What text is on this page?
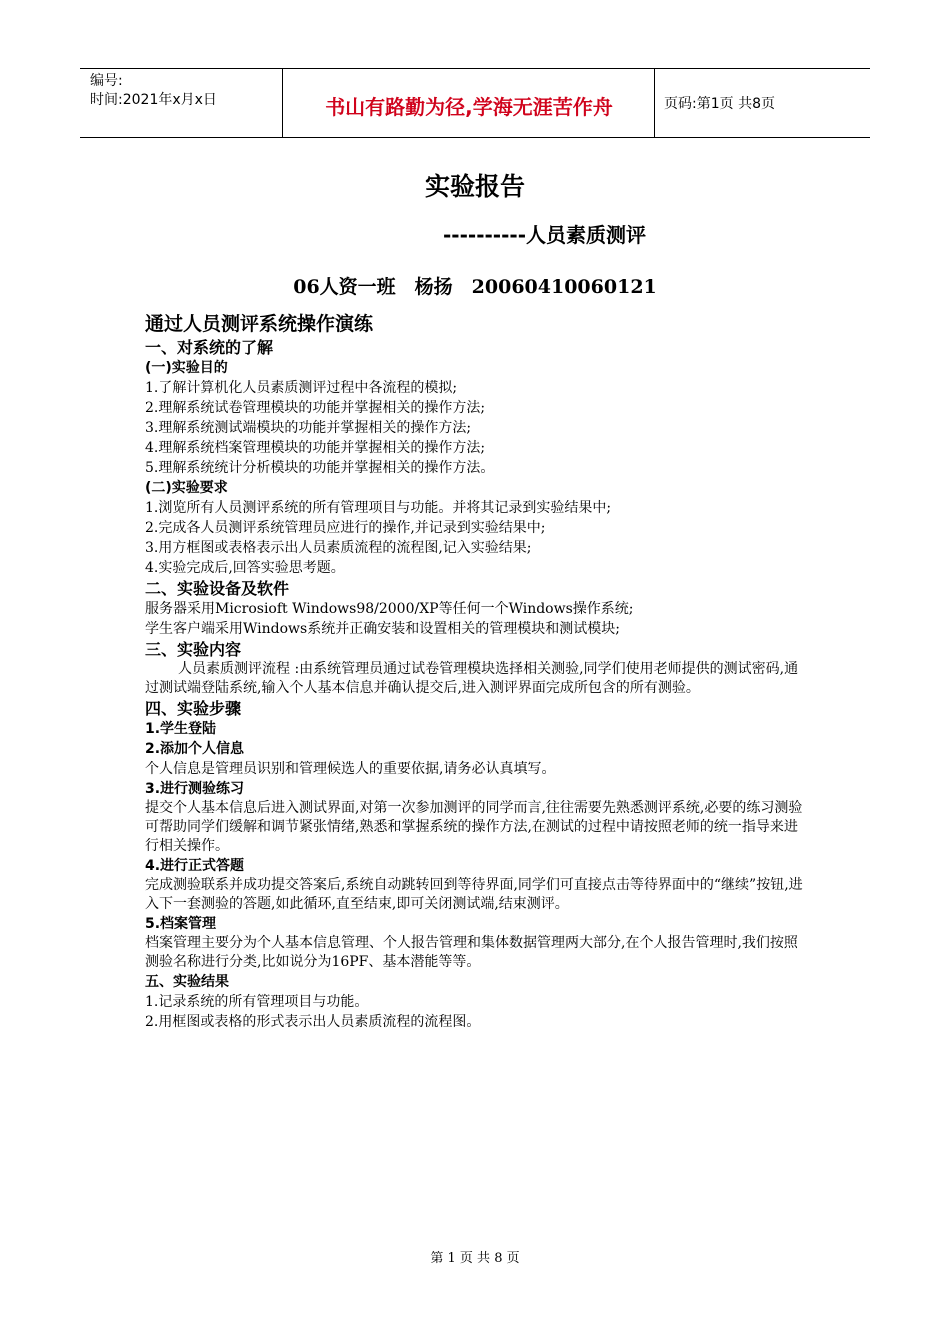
编号:
时间:2021年x月x日	书山有路勤为径,学海无涯苦作舟	页码:第1页 共8页
实验报告
----------人员素质测评
06人资一班　杨扬　20060410060121
通过人员测评系统操作演练
一、对系统的了解
(一)实验目的
1.了解计算机化人员素质测评过程中各流程的模拟;
2.理解系统试卷管理模块的功能并掌握相关的操作方法;
3.理解系统测试端模块的功能并掌握相关的操作方法;
4.理解系统档案管理模块的功能并掌握相关的操作方法;
5.理解系统统计分析模块的功能并掌握相关的操作方法。
(二)实验要求
1.浏览所有人员测评系统的所有管理项目与功能。并将其记录到实验结果中;
2.完成各人员测评系统管理员应进行的操作,并记录到实验结果中;
3.用方框图或表格表示出人员素质流程的流程图,记入实验结果;
4.实验完成后,回答实验思考题。
二、实验设备及软件
服务器采用Microsioft Windows98/2000/XP等任何一个Windows操作系统;
学生客户端采用Windows系统并正确安装和设置相关的管理模块和测试模块;
三、实验内容
人员素质测评流程 :由系统管理员通过试卷管理模块选择相关测验,同学们使用老师提供的测试密码,通过测试端登陆系统,输入个人基本信息并确认提交后,进入测评界面完成所包含的所有测验。
四、实验步骤
1.学生登陆
2.添加个人信息
个人信息是管理员识别和管理候选人的重要依据,请务必认真填写。
3.进行测验练习
提交个人基本信息后进入测试界面,对第一次参加测评的同学而言,往往需要先熟悉测评系统,必要的练习测验可帮助同学们缓解和调节紧张情绪,熟悉和掌握系统的操作方法,在测试的过程中请按照老师的统一指导来进行相关操作。
4.进行正式答题
完成测验联系并成功提交答案后,系统自动跳转回到等待界面,同学们可直接点击等待界面中的“继续”按钮,进入下一套测验的答题,如此循环,直至结束,即可关闭测试端,结束测评。
5.档案管理
档案管理主要分为个人基本信息管理、个人报告管理和集体数据管理两大部分,在个人报告管理时,我们按照测验名称进行分类,比如说分为16PF、基本潜能等等。
五、实验结果
1.记录系统的所有管理项目与功能。
2.用框图或表格的形式表示出人员素质流程的流程图。
第 1 页 共 8 页
